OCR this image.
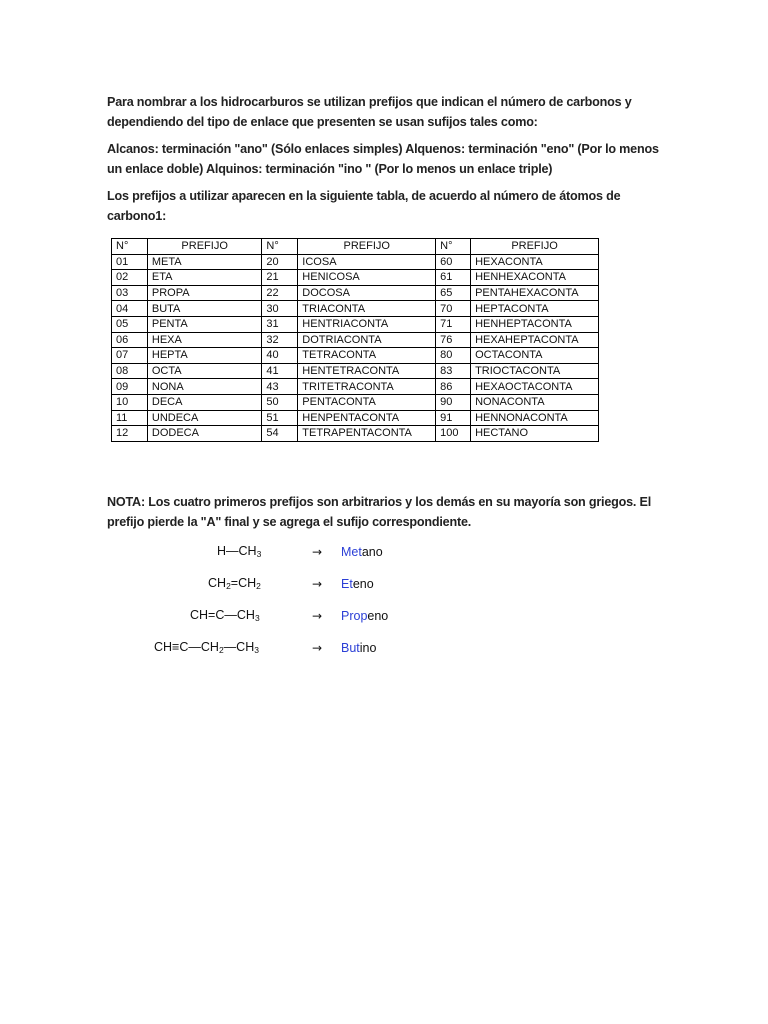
Para nombrar a los hidrocarburos se utilizan prefijos que indican el número de carbonos y dependiendo del tipo de enlace que presenten se usan sufijos tales como:

Alcanos: terminación "ano" (Sólo enlaces simples) Alquenos: terminación "eno" (Por lo menos un enlace doble) Alquinos: terminación "ino " (Por lo menos un enlace triple)

Los prefijos a utilizar aparecen en la siguiente tabla, de acuerdo al número de átomos de carbono1:

N°	PREFIJO	N°	PREFIJO	N°	PREFIJO
01	META	20	ICOSA	60	HEXACONTA
02	ETA	21	HENICOSA	61	HENHEXACONTA
03	PROPA	22	DOCOSA	65	PENTAHEXACONTA
04	BUTA	30	TRIACONTA	70	HEPTACONTA
05	PENTA	31	HENTRIACONTA	71	HENHEPTACONTA
06	HEXA	32	DOTRIACONTA	76	HEXAHEPTACONTA
07	HEPTA	40	TETRACONTA	80	OCTACONTA
08	OCTA	41	HENTETRACONTA	83	TRIOCTACONTA
09	NONA	43	TRITETRACONTA	86	HEXAOCTACONTA
10	DECA	50	PENTACONTA	90	NONACONTA
11	UNDECA	51	HENPENTACONTA	91	HENNONACONTA
12	DODECA	54	TETRAPENTACONTA	100	HECTANO

NOTA: Los cuatro primeros prefijos son arbitrarios y los demás en su mayoría son griegos. El prefijo pierde la "A" final y se agrega el sufijo correspondiente.

$H—CH_3$	→ Metano
$CH_2=CH_2$	→ Eteno
$CH=C—CH_3$	→ Propeno
$CH\equiv C—CH_2—CH_3$	→ Butino
